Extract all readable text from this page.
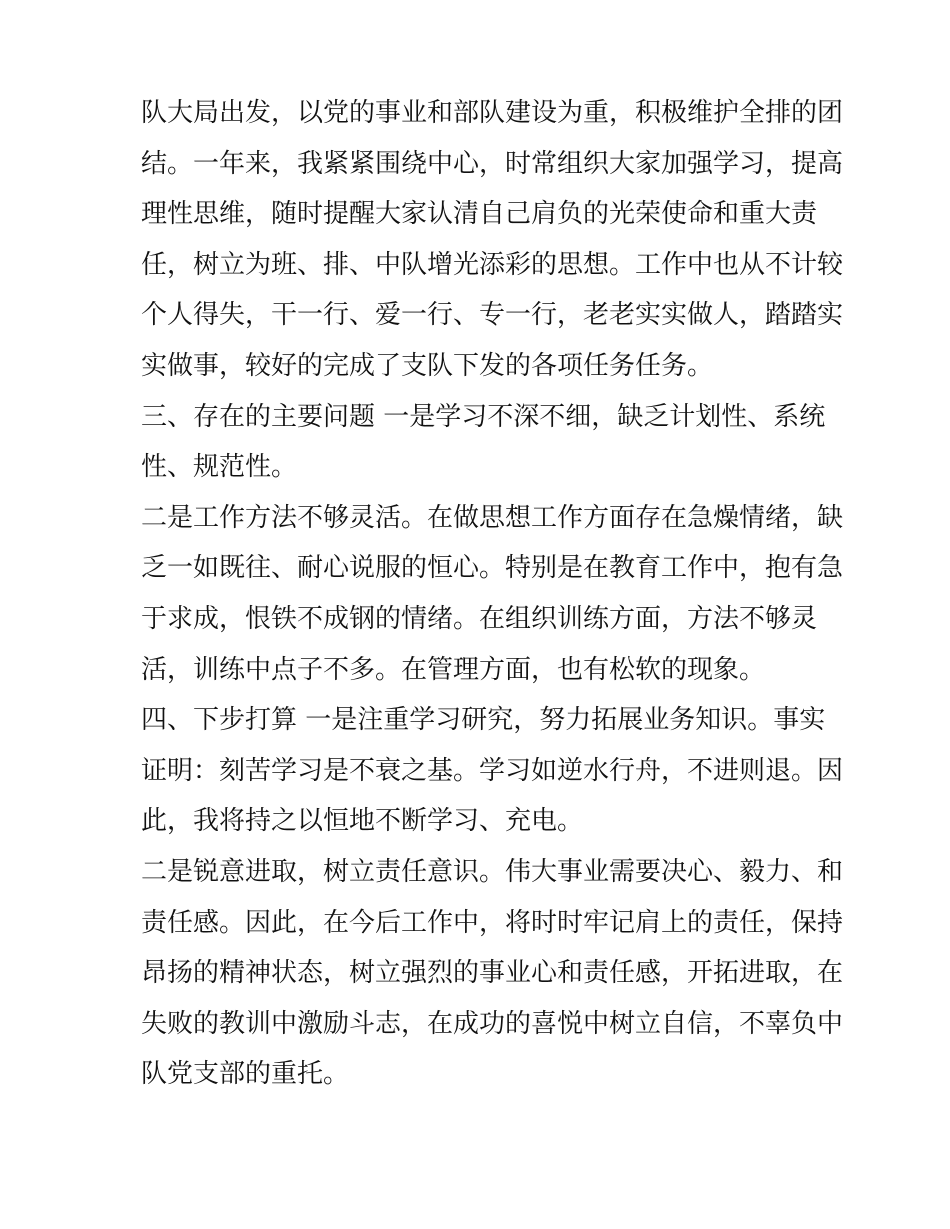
队大局出发，以党的事业和部队建设为重，积极维护全排的团
结。一年来，我紧紧围绕中心，时常组织大家加强学习，提高
理性思维，随时提醒大家认清自己肩负的光荣使命和重大责
任，树立为班、排、中队增光添彩的思想。工作中也从不计较
个人得失，干一行、爱一行、专一行，老老实实做人，踏踏实
实做事，较好的完成了支队下发的各项任务任务。
三、存在的主要问题 一是学习不深不细，缺乏计划性、系统
性、规范性。
二是工作方法不够灵活。在做思想工作方面存在急燥情绪，缺
乏一如既往、耐心说服的恒心。特别是在教育工作中，抱有急
于求成，恨铁不成钢的情绪。在组织训练方面，方法不够灵
活，训练中点子不多。在管理方面，也有松软的现象。
四、下步打算 一是注重学习研究，努力拓展业务知识。事实
证明：刻苦学习是不衰之基。学习如逆水行舟，不进则退。因
此，我将持之以恒地不断学习、充电。
二是锐意进取，树立责任意识。伟大事业需要决心、毅力、和
责任感。因此，在今后工作中，将时时牢记肩上的责任，保持
昂扬的精神状态，树立强烈的事业心和责任感，开拓进取，在
失败的教训中激励斗志，在成功的喜悦中树立自信，不辜负中
队党支部的重托。
